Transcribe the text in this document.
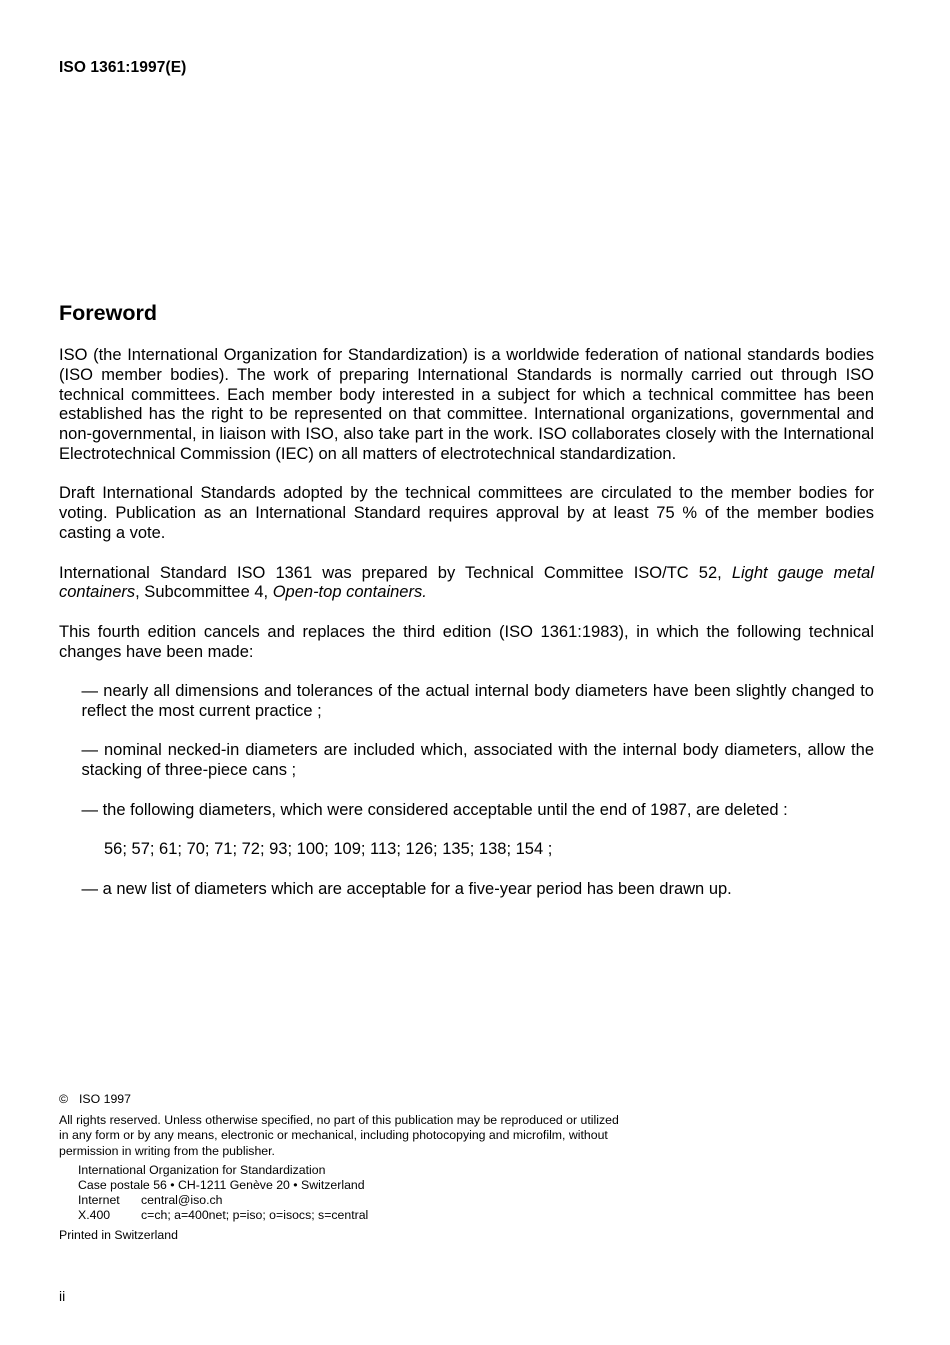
ISO 1361:1997(E)
Foreword

ISO (the International Organization for Standardization) is a worldwide federation of national standards bodies (ISO member bodies). The work of preparing International Standards is normally carried out through ISO technical committees. Each member body interested in a subject for which a technical committee has been established has the right to be represented on that committee. International organizations, governmental and non-governmental, in liaison with ISO, also take part in the work. ISO collaborates closely with the International Electrotechnical Commission (IEC) on all matters of electrotechnical standardization.

Draft International Standards adopted by the technical committees are circulated to the member bodies for voting. Publication as an International Standard requires approval by at least 75 % of the member bodies casting a vote.

International Standard ISO 1361 was prepared by Technical Committee ISO/TC 52, Light gauge metal containers, Subcommittee 4, Open-top containers.

This fourth edition cancels and replaces the third edition (ISO 1361:1983), in which the following technical changes have been made:

— nearly all dimensions and tolerances of the actual internal body diameters have been slightly changed to reflect the most current practice ;

— nominal necked-in diameters are included which, associated with the internal body diameters, allow the stacking of three-piece cans ;

— the following diameters, which were considered acceptable until the end of 1987, are deleted :

56; 57; 61; 70; 71; 72; 93; 100; 109; 113; 126; 135; 138; 154 ;

— a new list of diameters which are acceptable for a five-year period has been drawn up.

© ISO 1997
All rights reserved. Unless otherwise specified, no part of this publication may be reproduced or utilized in any form or by any means, electronic or mechanical, including photocopying and microfilm, without permission in writing from the publisher.
International Organization for Standardization
Case postale 56 • CH-1211 Genève 20 • Switzerland
Internet central@iso.ch
X.400	c=ch; a=400net; p=iso; o=isocs; s=central
Printed in Switzerland
ii
